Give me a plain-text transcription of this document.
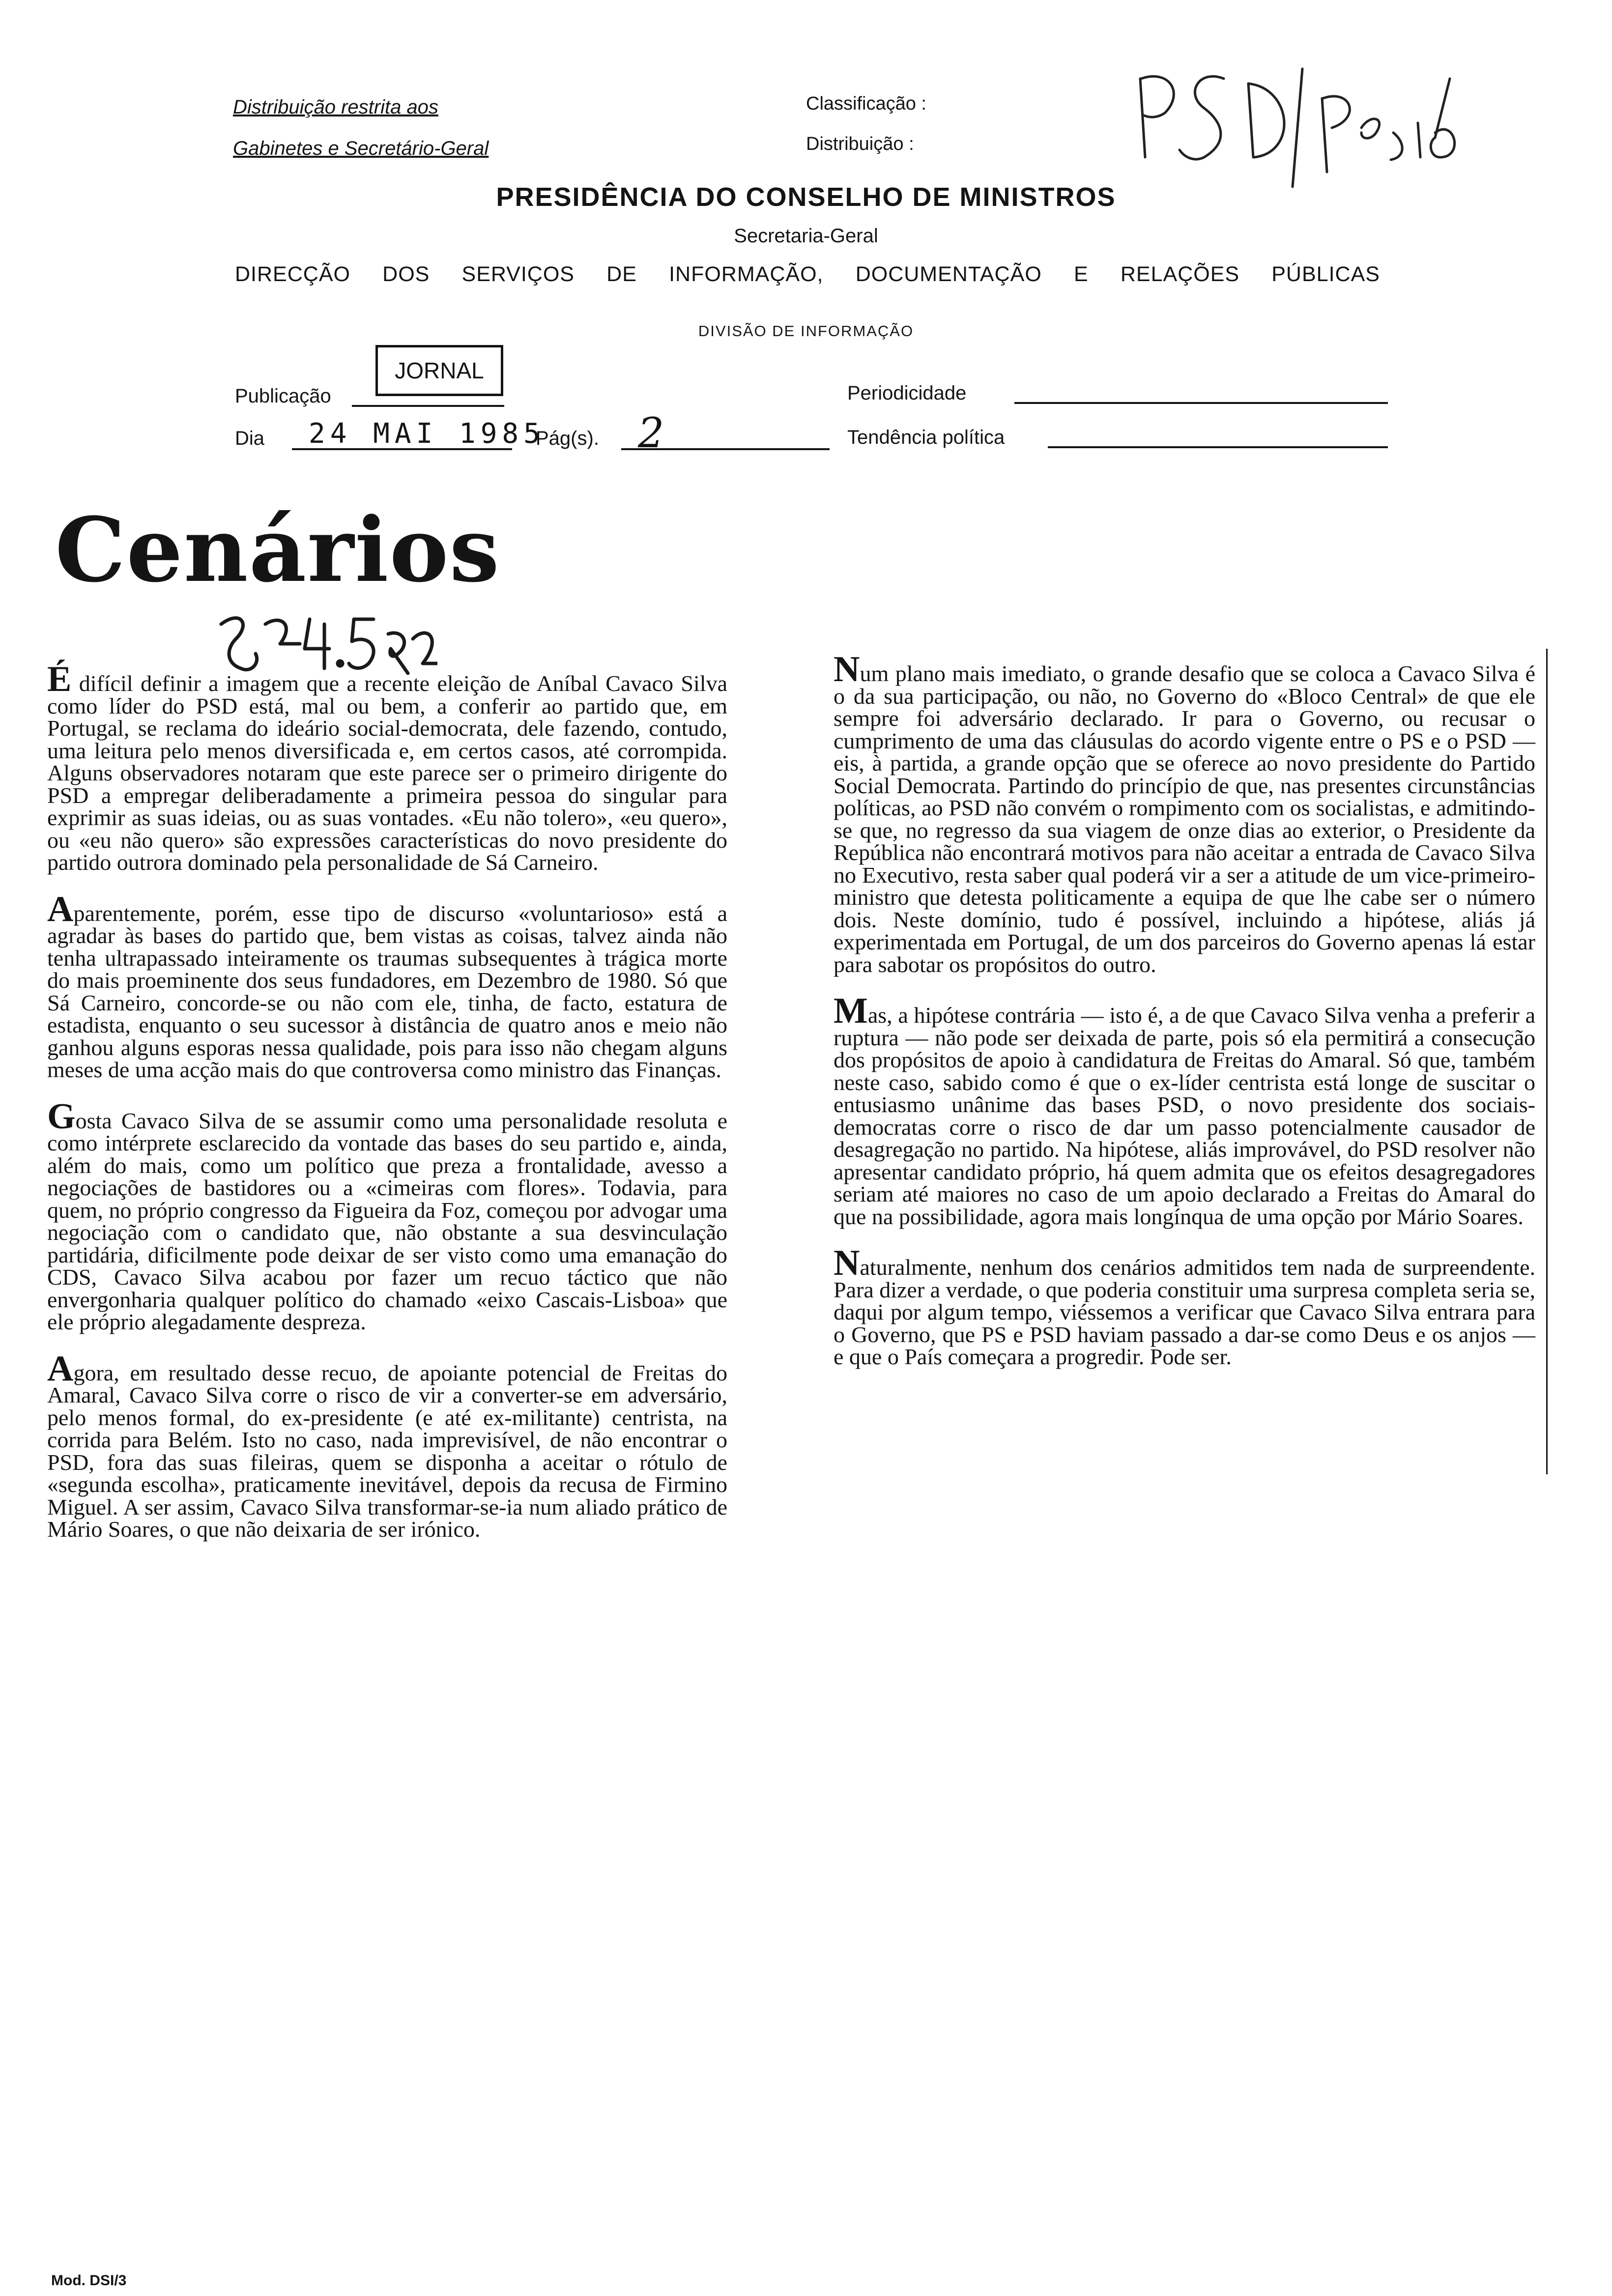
Distribuição restrita aos
Gabinetes e Secretário-Geral
Classificação :
Distribuição :
PRESIDÊNCIA DO CONSELHO DE MINISTROS
Secretaria-Geral
DIRECÇÃO DOS SERVIÇOS DE INFORMAÇÃO, DOCUMENTAÇÃO E RELAÇÕES PÚBLICAS
DIVISÃO DE INFORMAÇÃO
Publicação
JORNAL
Periodicidade
Dia 24 MAI 1985
Pág(s). 2	Tendência política
Cenários

É difícil definir a imagem que a recente eleição de Aníbal Cavaco Silva como líder do PSD está, mal ou bem, a conferir ao partido que, em Portugal, se reclama do ideário social-democrata, dele fazendo, contudo, uma leitura pelo menos diversificada e, em certos casos, até corrompida. Alguns observadores notaram que este parece ser o primeiro dirigente do PSD a empregar deliberadamente a primeira pessoa do singular para exprimir as suas ideias, ou as suas vontades. «Eu não tolero», «eu quero», ou «eu não quero» são expressões características do novo presidente do partido outrora dominado pela personalidade de Sá Carneiro.

Aparentemente, porém, esse tipo de discurso «voluntarioso» está a agradar às bases do partido que, bem vistas as coisas, talvez ainda não tenha ultrapassado inteiramente os traumas subsequentes à trágica morte do mais proeminente dos seus fundadores, em Dezembro de 1980. Só que Sá Carneiro, concorde-se ou não com ele, tinha, de facto, estatura de estadista, enquanto o seu sucessor à distância de quatro anos e meio não ganhou alguns esporas nessa qualidade, pois para isso não chegam alguns meses de uma acção mais do que controversa como ministro das Finanças.

Gosta Cavaco Silva de se assumir como uma personalidade resoluta e como intérprete esclarecido da vontade das bases do seu partido e, ainda, além do mais, como um político que preza a frontalidade, avesso a negociações de bastidores ou a «cimeiras com flores». Todavia, para quem, no próprio congresso da Figueira da Foz, começou por advogar uma negociação com o candidato que, não obstante a sua desvinculação partidária, dificilmente pode deixar de ser visto como uma emanação do CDS, Cavaco Silva acabou por fazer um recuo táctico que não envergonharia qualquer político do chamado «eixo Cascais-Lisboa» que ele próprio alegadamente despreza.

Agora, em resultado desse recuo, de apoiante potencial de Freitas do Amaral, Cavaco Silva corre o risco de vir a converter-se em adversário, pelo menos formal, do ex-presidente (e até ex-militante) centrista, na corrida para Belém. Isto no caso, nada imprevisível, de não encontrar o PSD, fora das suas fileiras, quem se disponha a aceitar o rótulo de «segunda escolha», praticamente inevitável, depois da recusa de Firmino Miguel. A ser assim, Cavaco Silva transformar-se-ia num aliado prático de Mário Soares, o que não deixaria de ser irónico.

Num plano mais imediato, o grande desafio que se coloca a Cavaco Silva é o da sua participação, ou não, no Governo do «Bloco Central» de que ele sempre foi adversário declarado. Ir para o Governo, ou recusar o cumprimento de uma das cláusulas do acordo vigente entre o PS e o PSD — eis, à partida, a grande opção que se oferece ao novo presidente do Partido Social Democrata. Partindo do princípio de que, nas presentes circunstâncias políticas, ao PSD não convém o rompimento com os socialistas, e admitindo-se que, no regresso da sua viagem de onze dias ao exterior, o Presidente da República não encontrará motivos para não aceitar a entrada de Cavaco Silva no Executivo, resta saber qual poderá vir a ser a atitude de um vice-primeiro-ministro que detesta politicamente a equipa de que lhe cabe ser o número dois. Neste domínio, tudo é possível, incluindo a hipótese, aliás já experimentada em Portugal, de um dos parceiros do Governo apenas lá estar para sabotar os propósitos do outro.

Mas, a hipótese contrária — isto é, a de que Cavaco Silva venha a preferir a ruptura — não pode ser deixada de parte, pois só ela permitirá a consecução dos propósitos de apoio à candidatura de Freitas do Amaral. Só que, também neste caso, sabido como é que o ex-líder centrista está longe de suscitar o entusiasmo unânime das bases PSD, o novo presidente dos sociais-democratas corre o risco de dar um passo potencialmente causador de desagregação no partido. Na hipótese, aliás improvável, do PSD resolver não apresentar candidato próprio, há quem admita que os efeitos desagregadores seriam até maiores no caso de um apoio declarado a Freitas do Amaral do que na possibilidade, agora mais longínqua de uma opção por Mário Soares.

Naturalmente, nenhum dos cenários admitidos tem nada de surpreendente. Para dizer a verdade, o que poderia constituir uma surpresa completa seria se, daqui por algum tempo, viéssemos a verificar que Cavaco Silva entrara para o Governo, que PS e PSD haviam passado a dar-se como Deus e os anjos — e que o País começara a progredir. Pode ser.

Mod. DSI/3
